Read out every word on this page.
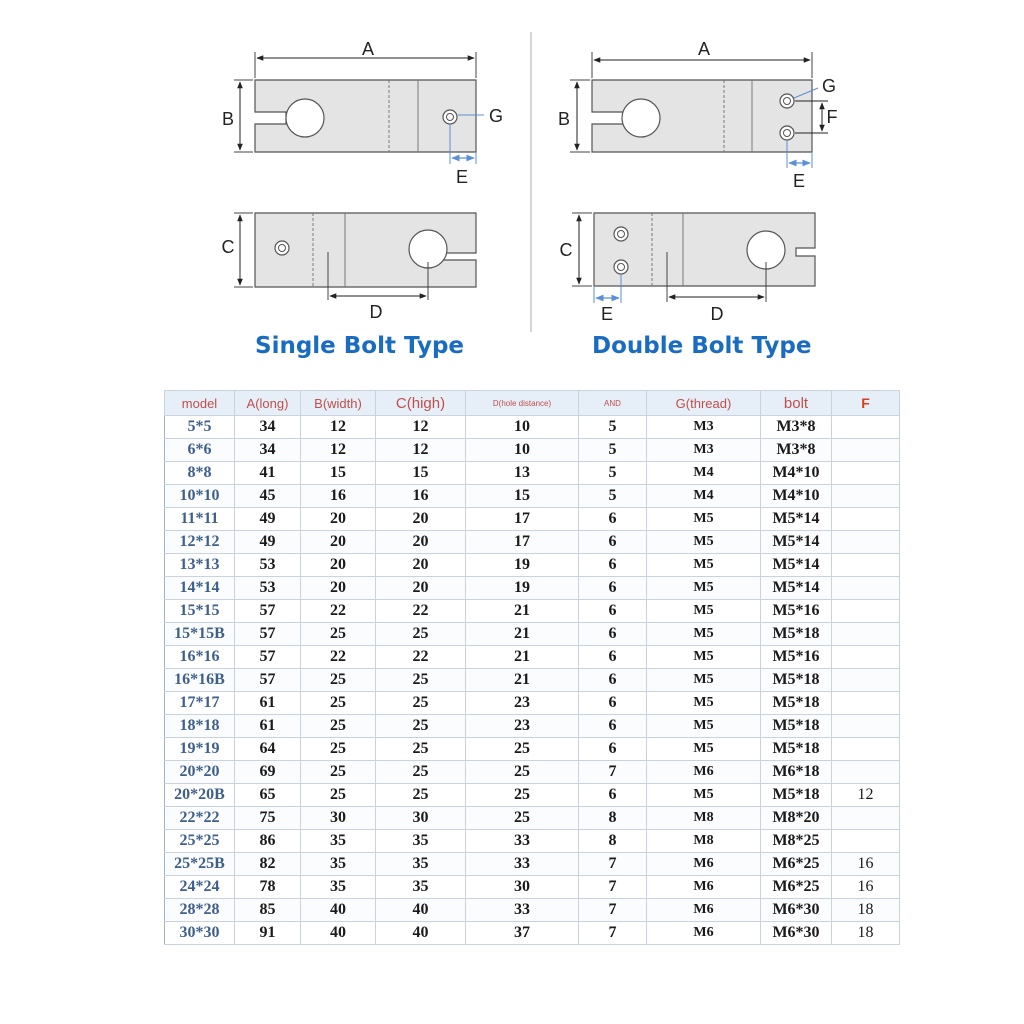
A
B	G
E
C
D
A
B
G
F
E
C
E	D
Single Bolt Type	Double Bolt Type
model	A(long)	B(width)	C(high)	D(hole distance)	AND	G(thread)	bolt	F
5*5	34	12	12	10	5	M3	M3*8	
6*6	34	12	12	10	5	M3	M3*8	
8*8	41	15	15	13	5	M4	M4*10	
10*10	45	16	16	15	5	M4	M4*10	
11*11	49	20	20	17	6	M5	M5*14	
12*12	49	20	20	17	6	M5	M5*14	
13*13	53	20	20	19	6	M5	M5*14	
14*14	53	20	20	19	6	M5	M5*14	
15*15	57	22	22	21	6	M5	M5*16	
15*15B	57	25	25	21	6	M5	M5*18	
16*16	57	22	22	21	6	M5	M5*16	
16*16B	57	25	25	21	6	M5	M5*18	
17*17	61	25	25	23	6	M5	M5*18	
18*18	61	25	25	23	6	M5	M5*18	
19*19	64	25	25	25	6	M5	M5*18	
20*20	69	25	25	25	7	M6	M6*18	
20*20B	65	25	25	25	6	M5	M5*18	12
22*22	75	30	30	25	8	M8	M8*20	
25*25	86	35	35	33	8	M8	M8*25	
25*25B	82	35	35	33	7	M6	M6*25	16
24*24	78	35	35	30	7	M6	M6*25	16
28*28	85	40	40	33	7	M6	M6*30	18
30*30	91	40	40	37	7	M6	M6*30	18
